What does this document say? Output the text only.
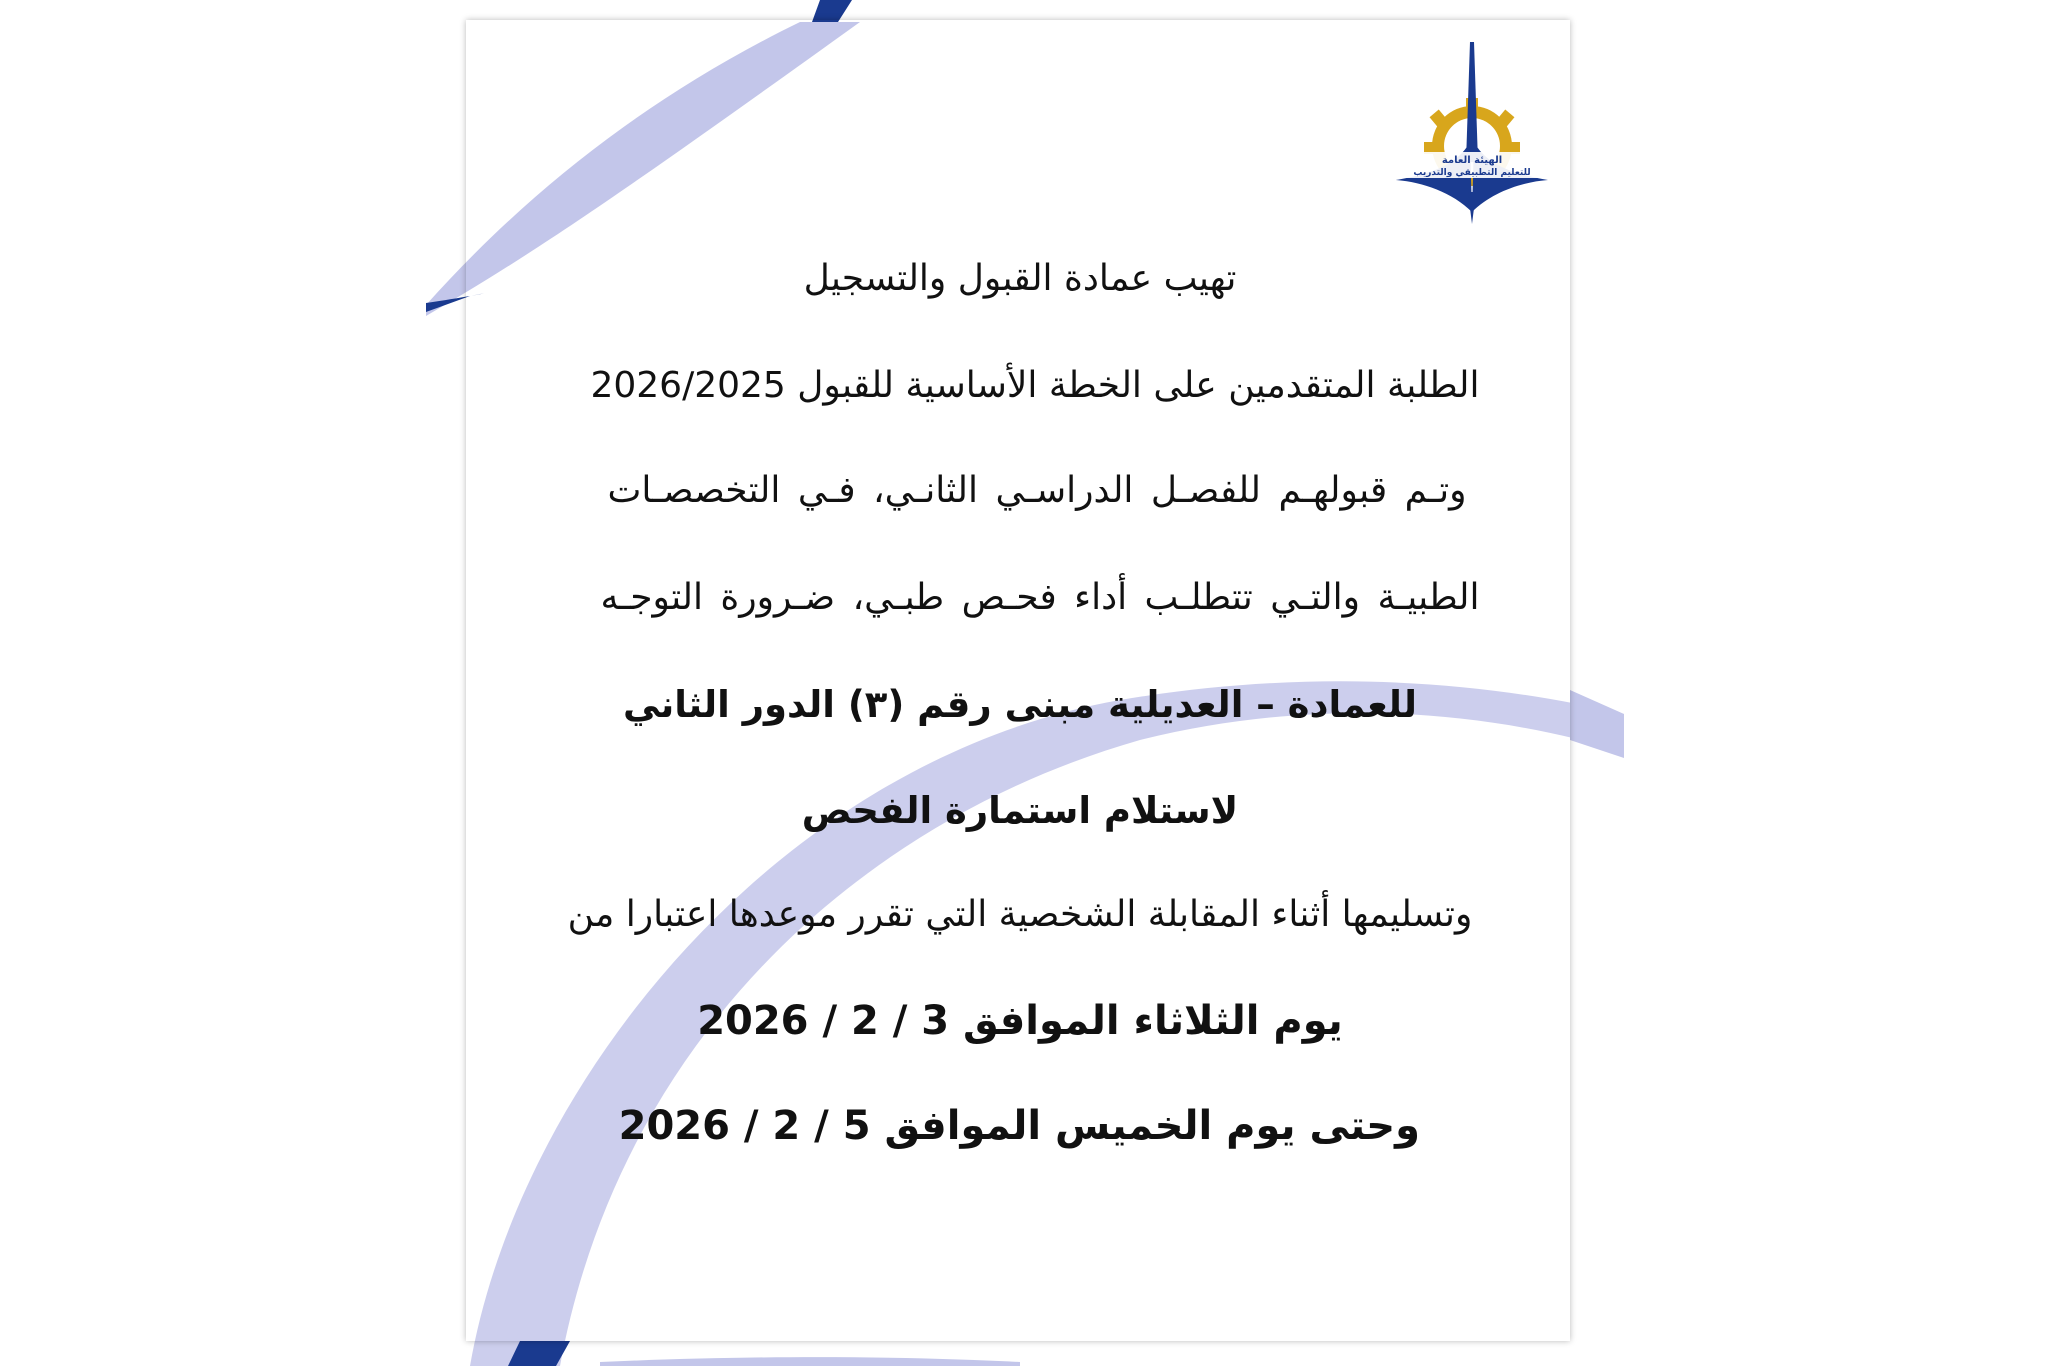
الهيئة العامة
للتعليم التطبيقي والتدريب
تهيب عمادة القبول والتسجيل
الطلبة المتقدمين على الخطة الأساسية للقبول 2026/2025
وتـم قبولهـم للفصـل الدراسـي الثانـي، فـي التخصصـات
الطبيـة والتـي تتطلـب أداء فحـص طبـي، ضـرورة التوجـه
للعمادة – العديلية مبنى رقم (٣) الدور الثاني
لاستلام استمارة الفحص
وتسليمها أثناء المقابلة الشخصية التي تقرر موعدها اعتبارا من
يوم الثلاثاء الموافق 2026 / 2 / 3
وحتى يوم الخميس الموافق 2026 / 2 / 5
